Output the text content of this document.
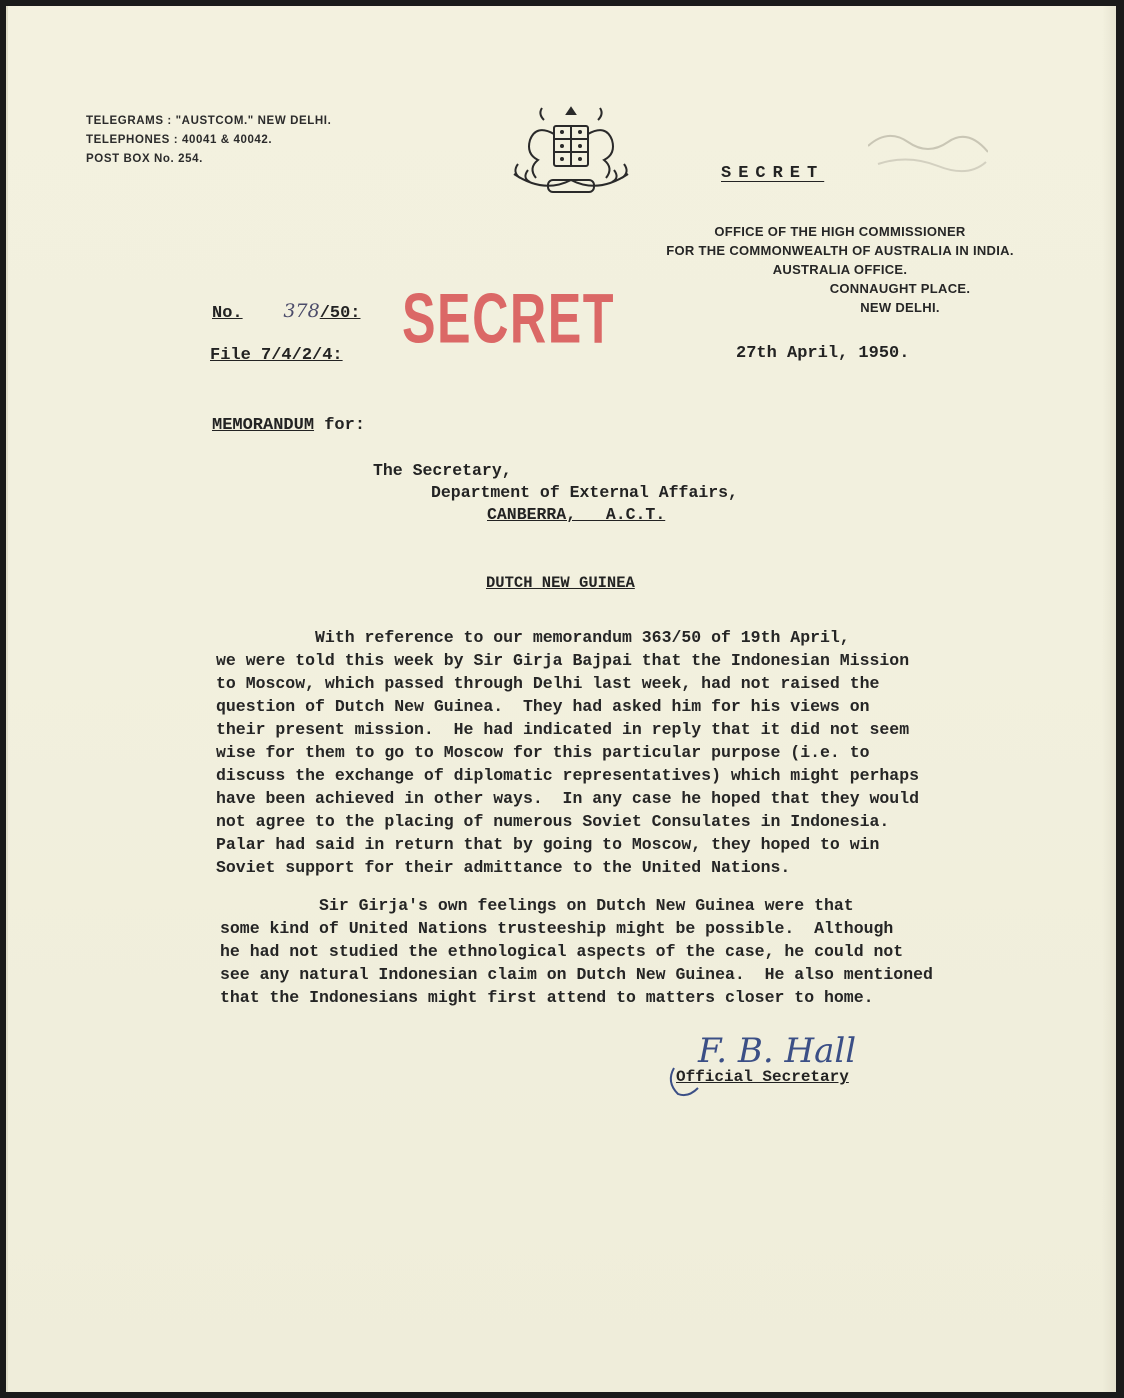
TELEGRAMS : "AUSTCOM." NEW DELHI.
TELEPHONES : 40041 & 40042.
POST BOX No. 254.
SECRET
OFFICE OF THE HIGH COMMISSIONER
FOR THE COMMONWEALTH OF AUSTRALIA IN INDIA.
AUSTRALIA OFFICE.
CONNAUGHT PLACE.
NEW DELHI.
No. 378/50: SECRET
File 7/4/2/4:	27th April, 1950.
MEMORANDUM for:
The Secretary,
Department of External Affairs,
CANBERRA,   A.C.T.
DUTCH NEW GUINEA
With reference to our memorandum 363/50 of 19th April,
we were told this week by Sir Girja Bajpai that the Indonesian Mission
to Moscow, which passed through Delhi last week, had not raised the
question of Dutch New Guinea.  They had asked him for his views on
their present mission.  He had indicated in reply that it did not seem
wise for them to go to Moscow for this particular purpose (i.e. to
discuss the exchange of diplomatic representatives) which might perhaps
have been achieved in other ways.  In any case he hoped that they would
not agree to the placing of numerous Soviet Consulates in Indonesia.
Palar had said in return that by going to Moscow, they hoped to win
Soviet support for their admittance to the United Nations.
Sir Girja's own feelings on Dutch New Guinea were that
some kind of United Nations trusteeship might be possible.  Although
he had not studied the ethnological aspects of the case, he could not
see any natural Indonesian claim on Dutch New Guinea.  He also mentioned
that the Indonesians might first attend to matters closer to home.
F. B. Hall
Official Secretary
